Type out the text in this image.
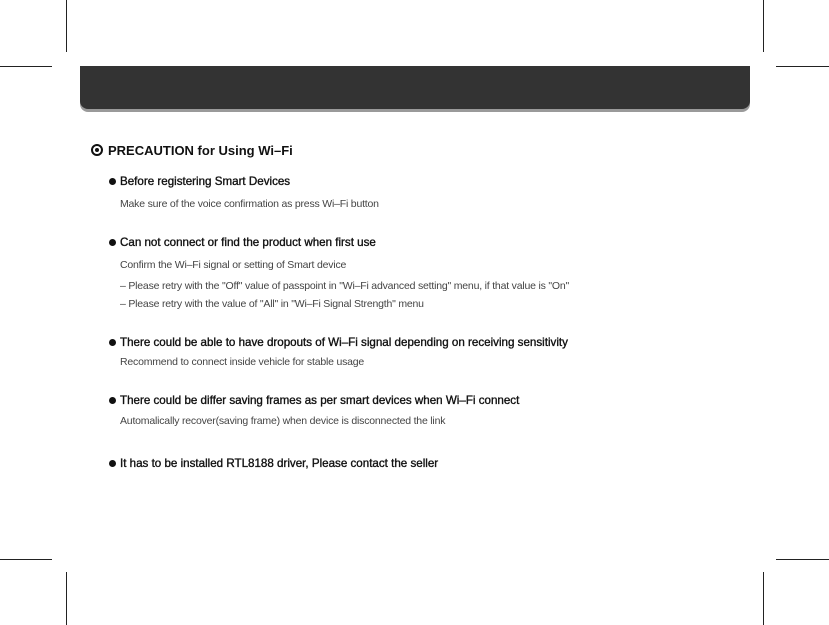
PRECAUTION for Using Wi–Fi
Before registering Smart Devices
Make sure of the voice confirmation as press Wi–Fi button
Can not connect or find the product when first use
Confirm the Wi–Fi signal or setting of Smart device
– Please retry with the "Off" value of passpoint in "Wi–Fi advanced setting" menu, if that value is "On"
– Please retry with the value of "All" in "Wi–Fi Signal Strength" menu
There could be able to have dropouts of Wi–Fi signal depending on receiving sensitivity
Recommend to connect inside vehicle for stable usage
There could be differ saving frames as per smart devices when Wi–Fi connect
Automalically recover(saving frame) when device is disconnected the link
It has to be installed RTL8188 driver, Please contact the seller
